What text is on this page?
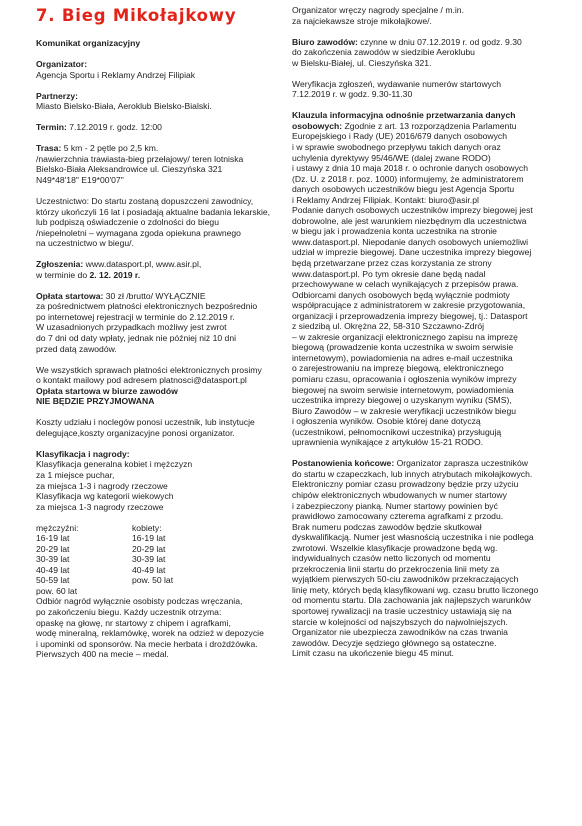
7. Bieg Mikołajkowy

Komunikat organizacyjny

Organizator:
Agencja Sportu i Reklamy Andrzej Filipiak

Partnerzy:
Miasto Bielsko-Biała, Aeroklub Bielsko-Bialski.

Termin: 7.12.2019 r. godz. 12:00

Trasa: 5 km - 2 pętle po 2,5 km.
/nawierzchnia trawiasta-bieg przełajowy/ teren lotniska
Bielsko-Biała Aleksandrowice ul. Cieszyńska 321
N49*48'18" E19*00'07"

Uczestnictwo: Do startu zostaną dopuszczeni zawodnicy,
którzy ukończyli 16 lat i posiadają aktualne badania lekarskie,
lub podpiszą oświadczenie o zdolności do biegu
/niepełnoletni – wymagana zgoda opiekuna prawnego
na uczestnictwo w biegu/.

Zgłoszenia: www.datasport.pl, www.asir.pl,
w terminie do 2. 12. 2019 r.

Opłata startowa: 30 zł /brutto/ WYŁĄCZNIE
za pośrednictwem płatności elektronicznych bezpośrednio
po internetowej rejestracji w terminie do 2.12.2019 r.
W uzasadnionych przypadkach możliwy jest zwrot
do 7 dni od daty wpłaty, jednak nie później niż 10 dni
przed datą zawodów.

We wszystkich sprawach płatności elektronicznych prosimy
o kontakt mailowy pod adresem platnosci@datasport.pl
Opłata startowa w biurze zawodów
NIE BĘDZIE PRZYJMOWANA

Koszty udziału i noclegów ponosi uczestnik, lub instytucje
delegujące,koszty organizacyjne ponosi organizator.

Klasyfikacja i nagrody:
Klasyfikacja generalna kobiet i mężczyzn
za 1 miejsce puchar,
za miejsca 1-3 i nagrody rzeczowe
Klasyfikacja wg kategorii wiekowych
za miejsca 1-3 nagrody rzeczowe

mężczyźni:	kobiety:
16-19 lat	16-19 lat
20-29 lat	20-29 lat
30-39 lat	30-39 lat
40-49 lat	40-49 lat
50-59 lat	pow. 50 lat
pow. 60 lat

Odbiór nagród wyłącznie osobisty podczas wręczania,
po zakończeniu biegu. Każdy uczestnik otrzyma:
opaskę na głowę, nr startowy z chipem i agrafkami,
wodę mineralną, reklamówkę, worek na odzież w depozycie
i upominki od sponsorów. Na mecie herbata i drożdżówka.
Pierwszych 400 na mecie – medal.

Organizator wręczy nagrody specjalne / m.in.
za najciekawsze stroje mikołajkowe/.

Biuro zawodów: czynne w dniu 07.12.2019 r. od godz. 9.30
do zakończenia zawodów w siedzibie Aeroklubu
w Bielsku-Białej, ul. Cieszyńska 321.

Weryfikacja zgłoszeń, wydawanie numerów startowych
7.12.2019 r. w godz. 9.30-11.30

Klauzula informacyjna odnośnie przetwarzania danych
osobowych: Zgodnie z art. 13 rozporządzenia Parlamentu
Europejskiego i Rady (UE) 2016/679 danych osobowych
i w sprawie swobodnego przepływu takich danych oraz
uchylenia dyrektywy 95/46/WE (dalej zwane RODO)
i ustawy z dnia 10 maja 2018 r. o ochronie danych osobowych
(Dz. U. z 2018 r. poz. 1000) informujemy, że administratorem
danych osobowych uczestników biegu jest Agencja Sportu
i Reklamy Andrzej Filipiak. Kontakt: biuro@asir.pl
Podanie danych osobowych uczestników imprezy biegowej jest
dobrowolne, ale jest warunkiem niezbędnym dla uczestnictwa
w biegu jak i prowadzenia konta uczestnika na stronie
www.datasport.pl. Niepodanie danych osobowych uniemożliwi
udział w imprezie biegowej. Dane uczestnika imprezy biegowej
będą przetwarzane przez czas korzystania ze strony
www.datasport.pl. Po tym okresie dane będą nadal
przechowywane w celach wynikających z przepisów prawa.
Odbiorcami danych osobowych będą wyłącznie podmioty
współpracujące z administratorem w zakresie przygotowania,
organizacji i przeprowadzenia imprezy biegowej, tj.: Datasport
z siedzibą ul. Okrężna 22, 58-310 Szczawno-Zdrój
– w zakresie organizacji elektronicznego zapisu na imprezę
biegową (prowadzenie konta uczestnika w swoim serwisie
internetowym), powiadomienia na adres e-mail uczestnika
o zarejestrowaniu na imprezę biegową, elektronicznego
pomiaru czasu, opracowania i ogłoszenia wyników imprezy
biegowej na swoim serwisie internetowym, powiadomienia
uczestnika imprezy biegowej o uzyskanym wyniku (SMS),
Biuro Zawodów – w zakresie weryfikacji uczestników biegu
i ogłoszenia wyników. Osobie której dane dotyczą
(uczestnikowi, pełnomocnikowi uczestnika) przysługują
uprawnienia wynikające z artykułów 15-21 RODO.

Postanowienia końcowe: Organizator zaprasza uczestników
do startu w czapeczkach, lub innych atrybutach mikołajkowych.
Elektroniczny pomiar czasu prowadzony będzie przy użyciu
chipów elektronicznych wbudowanych w numer startowy
i zabezpieczony pianką. Numer startowy powinien być
prawidłowo zamocowany czterema agrafkami z przodu.
Brak numeru podczas zawodów będzie skutkował
dyskwalifikacją. Numer jest własnością uczestnika i nie podlega
zwrotowi. Wszelkie klasyfikacje prowadzone będą wg.
indywidualnych czasów netto liczonych od momentu
przekroczenia linii startu do przekroczenia linii mety za
wyjątkiem pierwszych 50-ciu zawodników przekraczających
linię mety, których będą klasyfikowani wg. czasu brutto liczonego
od momentu startu. Dla zachowania jak najlepszych warunków
sportowej rywalizacji na trasie uczestnicy ustawiają się na
starcie w kolejności od najszybszych do najwolniejszych.
Organizator nie ubezpiecza zawodników na czas trwania
zawodów. Decyzje sędziego głównego są ostateczne.
Limit czasu na ukończenie biegu 45 minut.
